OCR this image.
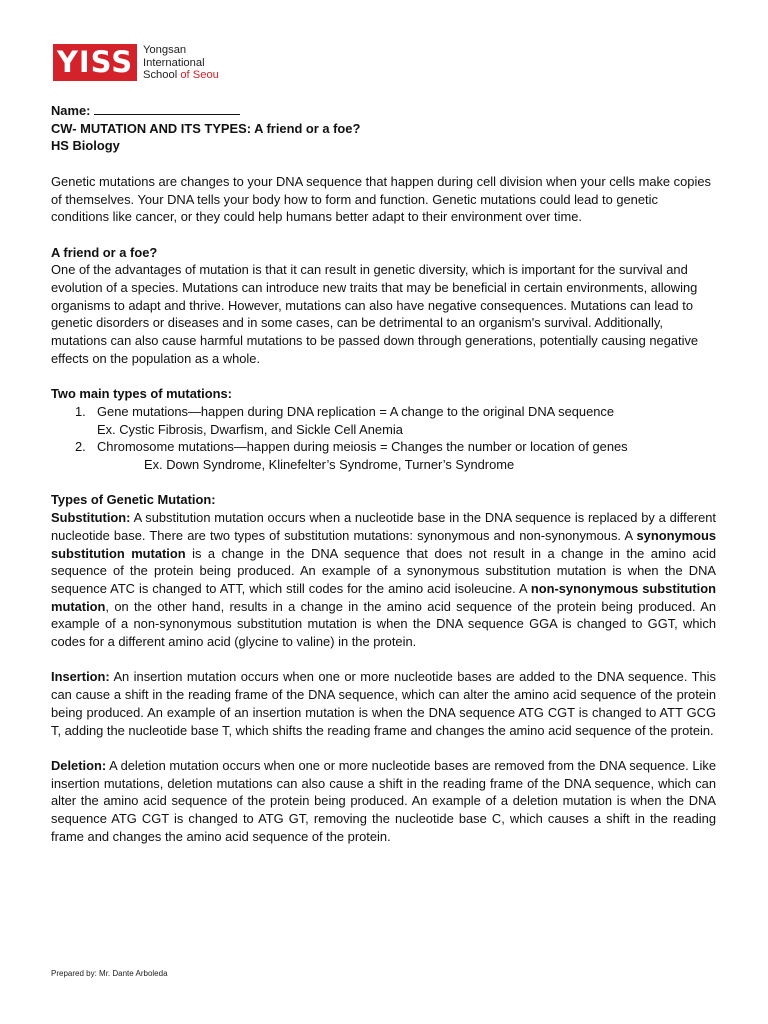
YISS Yongsan
International
School of Seou

Name:

CW- MUTATION AND ITS TYPES: A friend or a foe?

HS Biology

Genetic mutations are changes to your DNA sequence that happen during cell division when your cells make copies of themselves. Your DNA tells your body how to form and function. Genetic mutations could lead to genetic conditions like cancer, or they could help humans better adapt to their environment over time.

A friend or a foe?

One of the advantages of mutation is that it can result in genetic diversity, which is important for the survival and evolution of a species. Mutations can introduce new traits that may be beneficial in certain environments, allowing organisms to adapt and thrive. However, mutations can also have negative consequences. Mutations can lead to genetic disorders or diseases and in some cases, can be detrimental to an organism's survival. Additionally, mutations can also cause harmful mutations to be passed down through generations, potentially causing negative effects on the population as a whole.

Two main types of mutations:

1. Gene mutations—happen during DNA replication = A change to the original DNA sequence

Ex. Cystic Fibrosis, Dwarfism, and Sickle Cell Anemia

2. Chromosome mutations—happen during meiosis = Changes the number or location of genes

Ex. Down Syndrome, Klinefelter’s Syndrome, Turner’s Syndrome

Types of Genetic Mutation:

Substitution: A substitution mutation occurs when a nucleotide base in the DNA sequence is replaced by a different nucleotide base. There are two types of substitution mutations: synonymous and non-synonymous. A synonymous substitution mutation is a change in the DNA sequence that does not result in a change in the amino acid sequence of the protein being produced. An example of a synonymous substitution mutation is when the DNA sequence ATC is changed to ATT, which still codes for the amino acid isoleucine. A non-synonymous substitution mutation, on the other hand, results in a change in the amino acid sequence of the protein being produced. An example of a non-synonymous substitution mutation is when the DNA sequence GGA is changed to GGT, which codes for a different amino acid (glycine to valine) in the protein.

Insertion: An insertion mutation occurs when one or more nucleotide bases are added to the DNA sequence. This can cause a shift in the reading frame of the DNA sequence, which can alter the amino acid sequence of the protein being produced. An example of an insertion mutation is when the DNA sequence ATG CGT is changed to ATT GCG T, adding the nucleotide base T, which shifts the reading frame and changes the amino acid sequence of the protein.

Deletion: A deletion mutation occurs when one or more nucleotide bases are removed from the DNA sequence. Like insertion mutations, deletion mutations can also cause a shift in the reading frame of the DNA sequence, which can alter the amino acid sequence of the protein being produced. An example of a deletion mutation is when the DNA sequence ATG CGT is changed to ATG GT, removing the nucleotide base C, which causes a shift in the reading frame and changes the amino acid sequence of the protein.

Prepared by: Mr. Dante Arboleda
